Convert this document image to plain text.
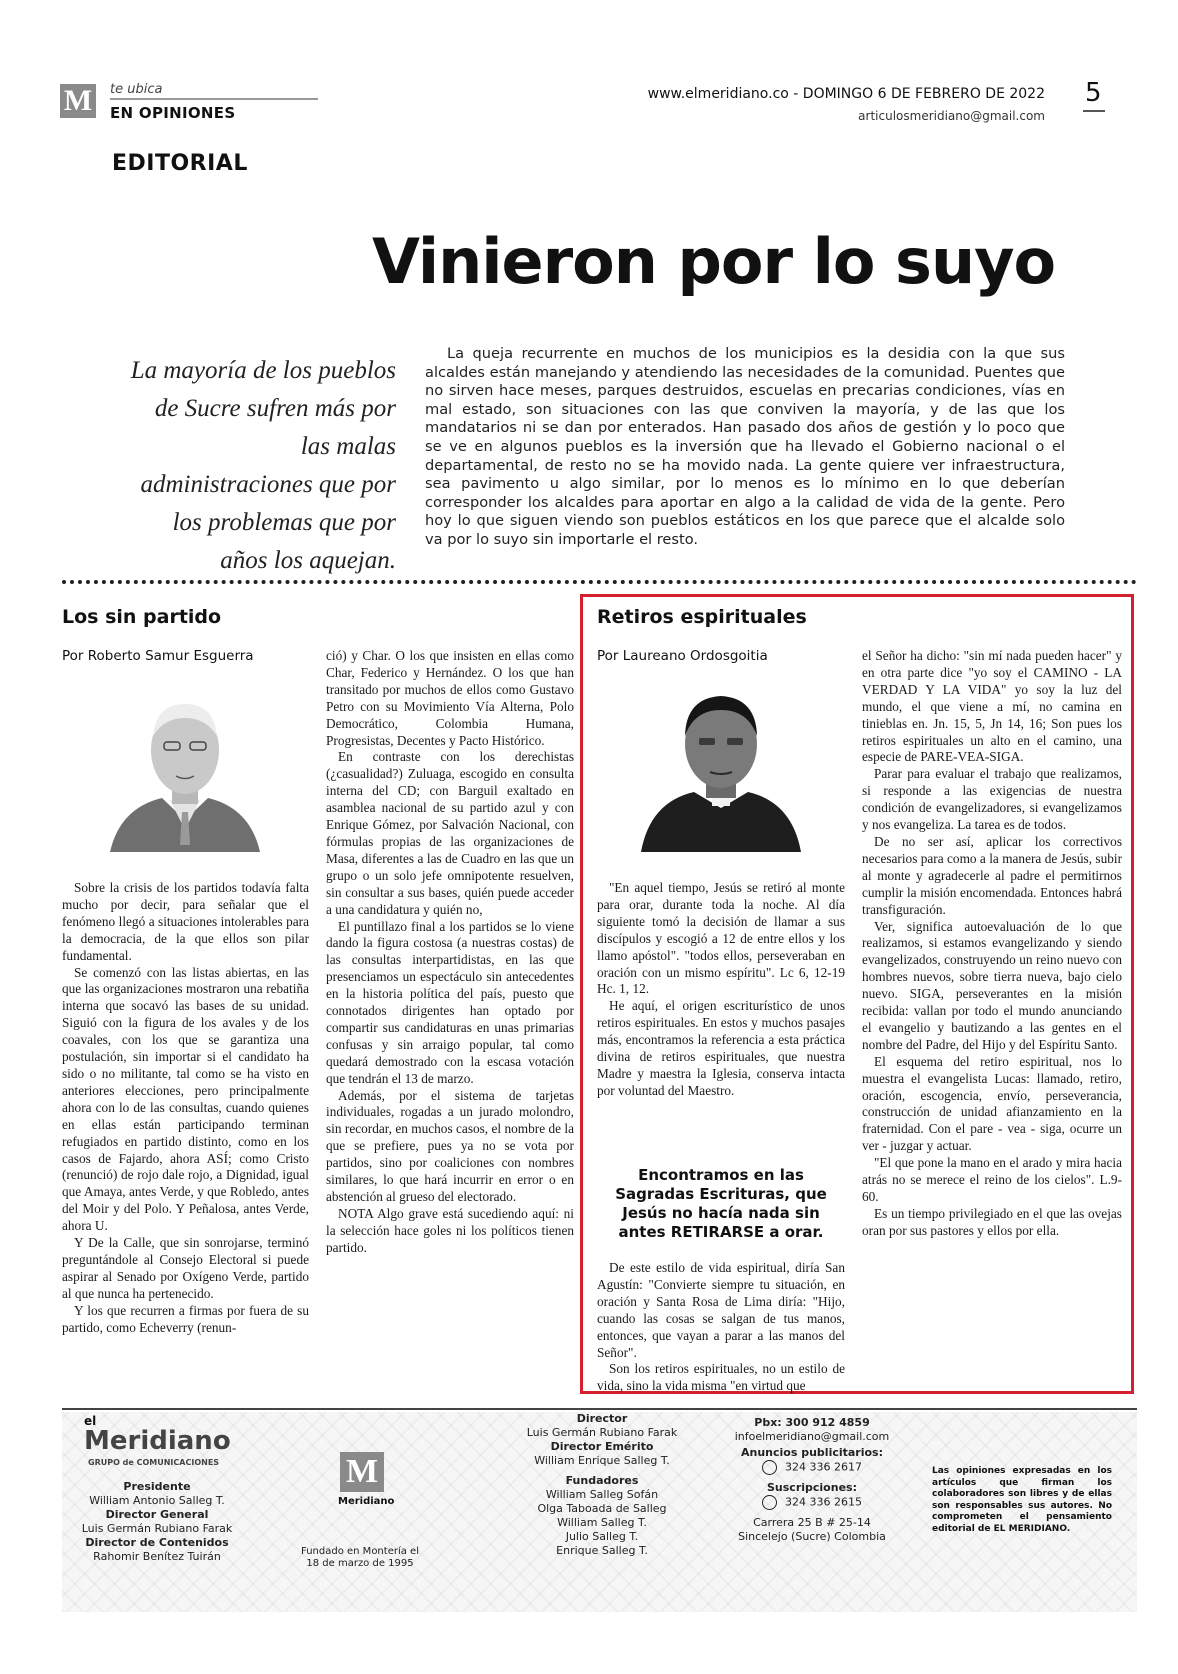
M te ubica
EN OPINIONES
www.elmeridiano.co - DOMINGO 6 DE FEBRERO DE 2022
articulosmeridiano@gmail.com
5
EDITORIAL
Vinieron por lo suyo
La mayoría de los pueblos de Sucre sufren más por las malas administraciones que por los problemas que por años los aquejan.

La queja recurrente en muchos de los municipios es la desidia con la que sus alcaldes están manejando y atendiendo las necesidades de la comunidad. Puentes que no sirven hace meses, parques destruidos, escuelas en precarias condiciones, vías en mal estado, son situaciones con las que conviven la mayoría, y de las que los mandatarios ni se dan por enterados. Han pasado dos años de gestión y lo poco que se ve en algunos pueblos es la inversión que ha llevado el Gobierno nacional o el departamental, de resto no se ha movido nada. La gente quiere ver infraestructura, sea pavimento u algo similar, por lo menos es lo mínimo en lo que deberían corresponder los alcaldes para aportar en algo a la calidad de vida de la gente. Pero hoy lo que siguen viendo son pueblos estáticos en los que parece que el alcalde solo va por lo suyo sin importarle el resto.

Los sin partido
Por Roberto Samur Esguerra

Sobre la crisis de los partidos todavía falta mucho por decir, para señalar que el fenómeno llegó a situaciones intolerables para la democracia, de la que ellos son pilar fundamental.

Se comenzó con las listas abiertas, en las que las organizaciones mostraron una rebatiña interna que socavó las bases de su unidad. Siguió con la figura de los avales y de los coavales, con los que se garantiza una postulación, sin importar si el candidato ha sido o no militante, tal como se ha visto en anteriores elecciones, pero principalmente ahora con lo de las consultas, cuando quienes en ellas están participando terminan refugiados en partido distinto, como en los casos de Fajardo, ahora ASÍ; como Cristo (renunció) de rojo dale rojo, a Dignidad, igual que Amaya, antes Verde, y que Robledo, antes del Moir y del Polo. Y Peñalosa, antes Verde, ahora U.

Y De la Calle, que sin sonrojarse, terminó preguntándole al Consejo Electoral si puede aspirar al Senado por Oxígeno Verde, partido al que nunca ha pertenecido.

Y los que recurren a firmas por fuera de su partido, como Echeverry (renun-

ció) y Char. O los que insisten en ellas como Char, Federico y Hernández. O los que han transitado por muchos de ellos como Gustavo Petro con su Movimiento Vía Alterna, Polo Democrático, Colombia Humana, Progresistas, Decentes y Pacto Histórico.

En contraste con los derechistas (¿casualidad?) Zuluaga, escogido en consulta interna del CD; con Barguil exaltado en asamblea nacional de su partido azul y con Enrique Gómez, por Salvación Nacional, con fórmulas propias de las organizaciones de Masa, diferentes a las de Cuadro en las que un grupo o un solo jefe omnipotente resuelven, sin consultar a sus bases, quién puede acceder a una candidatura y quién no,

El puntillazo final a los partidos se lo viene dando la figura costosa (a nuestras costas) de las consultas interpartidistas, en las que presenciamos un espectáculo sin antecedentes en la historia política del país, puesto que connotados dirigentes han optado por compartir sus candidaturas en unas primarias confusas y sin arraigo popular, tal como quedará demostrado con la escasa votación que tendrán el 13 de marzo.

Además, por el sistema de tarjetas individuales, rogadas a un jurado molondro, sin recordar, en muchos casos, el nombre de la que se prefiere, pues ya no se vota por partidos, sino por coaliciones con nombres similares, lo que hará incurrir en error o en abstención al grueso del electorado.

NOTA Algo grave está sucediendo aquí: ni la selección hace goles ni los políticos tienen partido.

Retiros espirituales
Por Laureano Ordosgoitia

"En aquel tiempo, Jesús se retiró al monte para orar, durante toda la noche. Al día siguiente tomó la decisión de llamar a sus discípulos y escogió a 12 de entre ellos y los llamo apóstol". "todos ellos, perseveraban en oración con un mismo espíritu". Lc 6, 12-19 Hc. 1, 12.

He aquí, el origen escriturístico de unos retiros espirituales. En estos y muchos pasajes más, encontramos la referencia a esta práctica divina de retiros espirituales, que nuestra Madre y maestra la Iglesia, conserva intacta por voluntad del Maestro.

Encontramos en las Sagradas Escrituras, que Jesús no hacía nada sin antes RETIRARSE a orar.

De este estilo de vida espiritual, diría San Agustín: "Convierte siempre tu situación, en oración y Santa Rosa de Lima diría: "Hijo, cuando las cosas se salgan de tus manos, entonces, que vayan a parar a las manos del Señor".

Son los retiros espirituales, no un estilo de vida, sino la vida misma "en virtud que

el Señor ha dicho: "sin mí nada pueden hacer" y en otra parte dice "yo soy el CAMINO - LA VERDAD Y LA VIDA" yo soy la luz del mundo, el que viene a mí, no camina en tinieblas en. Jn. 15, 5, Jn 14, 16; Son pues los retiros espirituales un alto en el camino, una especie de PARE-VEA-SIGA.

Parar para evaluar el trabajo que realizamos, si responde a las exigencias de nuestra condición de evangelizadores, si evangelizamos y nos evangeliza. La tarea es de todos.

De no ser así, aplicar los correctivos necesarios para como a la manera de Jesús, subir al monte y agradecerle al padre el permitirnos cumplir la misión encomendada. Entonces habrá transfiguración.

Ver, significa autoevaluación de lo que realizamos, si estamos evangelizando y siendo evangelizados, construyendo un reino nuevo con hombres nuevos, sobre tierra nueva, bajo cielo nuevo. SIGA, perseverantes en la misión recibida: vallan por todo el mundo anunciando el evangelio y bautizando a las gentes en el nombre del Padre, del Hijo y del Espíritu Santo.

El esquema del retiro espiritual, nos lo muestra el evangelista Lucas: llamado, retiro, oración, escogencia, envío, perseverancia, construcción de unidad afianzamiento en la fraternidad. Con el pare - vea - siga, ocurre un ver - juzgar y actuar.

"El que pone la mano en el arado y mira hacia atrás no se merece el reino de los cielos". L.9-60.

Es un tiempo privilegiado en el que las ovejas oran por sus pastores y ellos por ella.

el
Meridiano
GRUPO de COMUNICACIONES
Presidente
William Antonio Salleg T.
Director General
Luis Germán Rubiano Farak
Director de Contenidos
Rahomir Benítez Tuirán
M
Meridiano
Fundado en Montería el 18 de marzo de 1995
Director
Luis Germán Rubiano Farak
Director Emérito
William Enrique Salleg T.
Fundadores
William Salleg Sofán
Olga Taboada de Salleg
William Salleg T.
Julio Salleg T.
Enrique Salleg T.
Pbx: 300 912 4859
infoelmeridiano@gmail.com
Anuncios publicitarios:
324 336 2617
Suscripciones:
324 336 2615
Carrera 25 B # 25-14
Sincelejo (Sucre) Colombia
Las opiniones expresadas en los artículos que firman los colaboradores son libres y de ellas son responsables sus autores. No comprometen el pensamiento editorial de EL MERIDIANO.
